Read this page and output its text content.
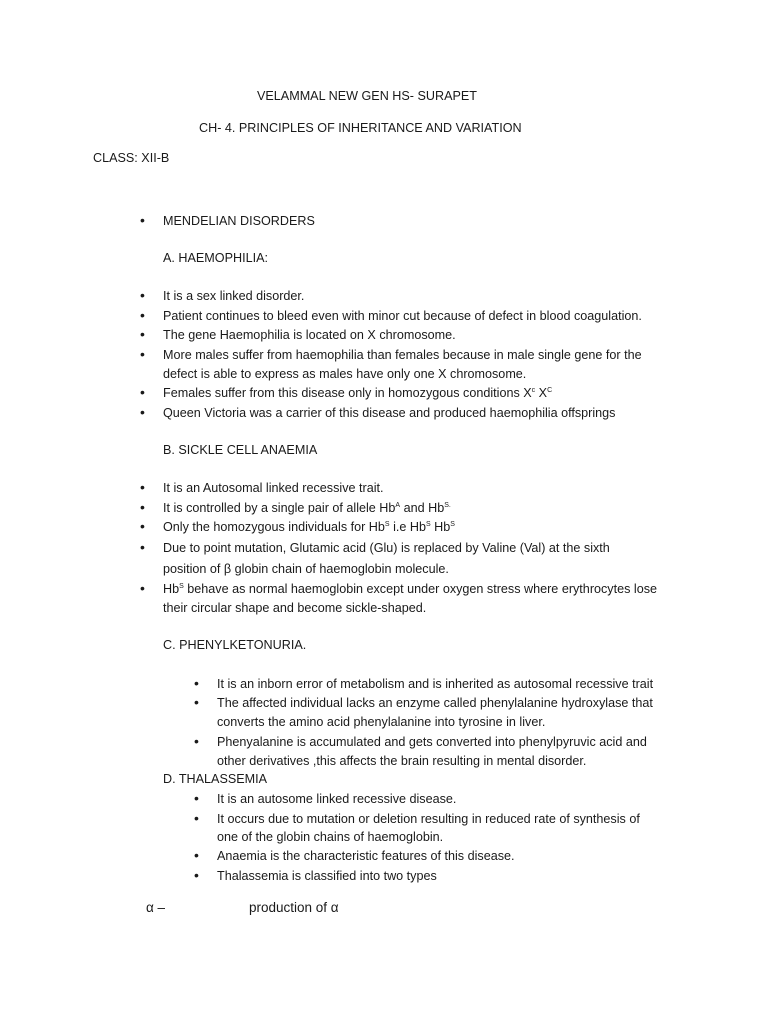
VELAMMAL NEW GEN HS- SURAPET
CH- 4. PRINCIPLES OF INHERITANCE AND VARIATION
CLASS: XII-B
• MENDELIAN DISORDERS
A. HAEMOPHILIA:
• It is a sex linked disorder.
• Patient continues to bleed even with minor cut because of defect in blood coagulation.
• The gene Haemophilia is located on X chromosome.
• More males suffer from haemophilia than females because in male single gene for the
defect is able to express as males have only one X chromosome.
• Females suffer from this disease only in homozygous conditions $X^c$ $X^C$
• Queen Victoria was a carrier of this disease and produced haemophilia offsprings
B. SICKLE CELL ANAEMIA
• It is an Autosomal linked recessive trait.
• It is controlled by a single pair of allele $Hb^A$ and $Hb^{S.}$
• Only the homozygous individuals for $Hb^S$ i.e $Hb^S$ $Hb^S$
• Due to point mutation, Glutamic acid (Glu) is replaced by Valine (Val) at the sixth
position of β globin chain of haemoglobin molecule.
• $Hb^S$ behave as normal haemoglobin except under oxygen stress where erythrocytes lose
their circular shape and become sickle-shaped.
C. PHENYLKETONURIA.
• It is an inborn error of metabolism and is inherited as autosomal recessive trait
• The affected individual lacks an enzyme called phenylalanine hydroxylase that
converts the amino acid phenylalanine into tyrosine in liver.
• Phenyalanine is accumulated and gets converted into phenylpyruvic acid and
other derivatives ,this affects the brain resulting in mental disorder.
D. THALASSEMIA
• It is an autosome linked recessive disease.
• It occurs due to mutation or deletion resulting in reduced rate of synthesis of
one of the globin chains of haemoglobin.
• Anaemia is the characteristic features of this disease.
• Thalassemia is classified into two types
α –	production of α
